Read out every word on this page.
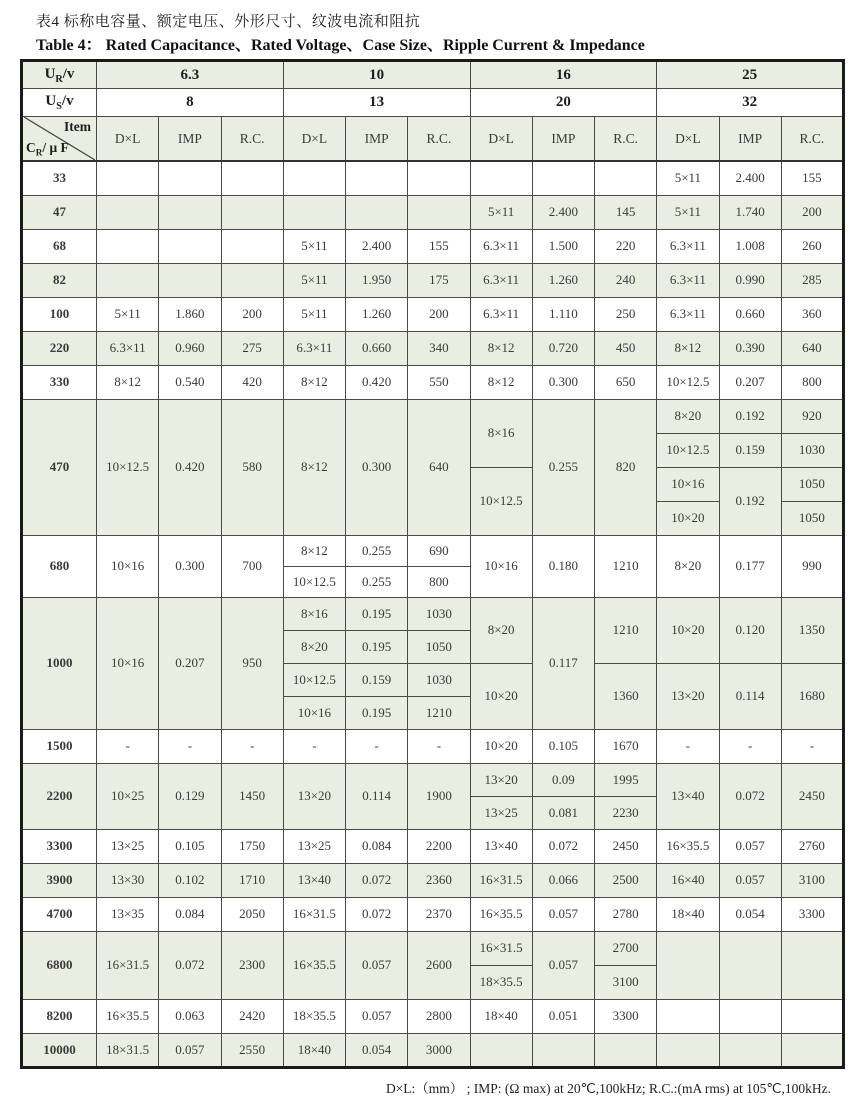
表4 标称电容量、额定电压、外形尺寸、纹波电流和阻抗
Table 4： Rated Capacitance、Rated Voltage、Case Size、Ripple Current & Impedance
$U_R/v$	6.3			10			16			25		
$U_S/v$	8			13			20			32		

Item
$C_R/$ μ F	D×L	IMP	R.C.	D×L	IMP	R.C.	D×L	IMP	R.C.	D×L	IMP	R.C.
33										5×11	2.400	155
47							5×11	2.400	145	5×11	1.740	200
68				5×11	2.400	155	6.3×11	1.500	220	6.3×11	1.008	260
82				5×11	1.950	175	6.3×11	1.260	240	6.3×11	0.990	285
100	5×11	1.860	200	5×11	1.260	200	6.3×11	1.110	250	6.3×11	0.660	360
220	6.3×11	0.960	275	6.3×11	0.660	340	8×12	0.720	450	8×12	0.390	640
330	8×12	0.540	420	8×12	0.420	550	8×12	0.300	650	10×12.5	0.207	800
470	10×12.5	0.420	580	8×12	0.300	640	8×16	0.255	820	8×20	0.192	920
										10×12.5	0.159	1030
							10×12.5			10×16	0.192	1050
										10×20		1050
680	10×16	0.300	700	8×12	0.255	690	10×16	0.180	1210	8×20	0.177	990
				10×12.5	0.255	800						
1000	10×16	0.207	950	8×16	0.195	1030	8×20	0.117	1210	10×20	0.120	1350
				8×20	0.195	1050						
				10×12.5	0.159	1030	10×20		1360	13×20	0.114	1680
				10×16	0.195	1210						
1500	-	-	-	-	-	-	10×20	0.105	1670	-	-	-
2200	10×25	0.129	1450	13×20	0.114	1900	13×20	0.09	1995	13×40	0.072	2450
							13×25	0.081	2230			
3300	13×25	0.105	1750	13×25	0.084	2200	13×40	0.072	2450	16×35.5	0.057	2760
3900	13×30	0.102	1710	13×40	0.072	2360	16×31.5	0.066	2500	16×40	0.057	3100
4700	13×35	0.084	2050	16×31.5	0.072	2370	16×35.5	0.057	2780	18×40	0.054	3300
6800	16×31.5	0.072	2300	16×35.5	0.057	2600	16×31.5	0.057	2700			
							18×35.5		3100			
8200	16×35.5	0.063	2420	18×35.5	0.057	2800	18×40	0.051	3300			
10000	18×31.5	0.057	2550	18×40	0.054	3000						
D×L:（mm） ; IMP: (Ω max) at 20℃,100kHz; R.C.:(mA rms) at 105℃,100kHz.
